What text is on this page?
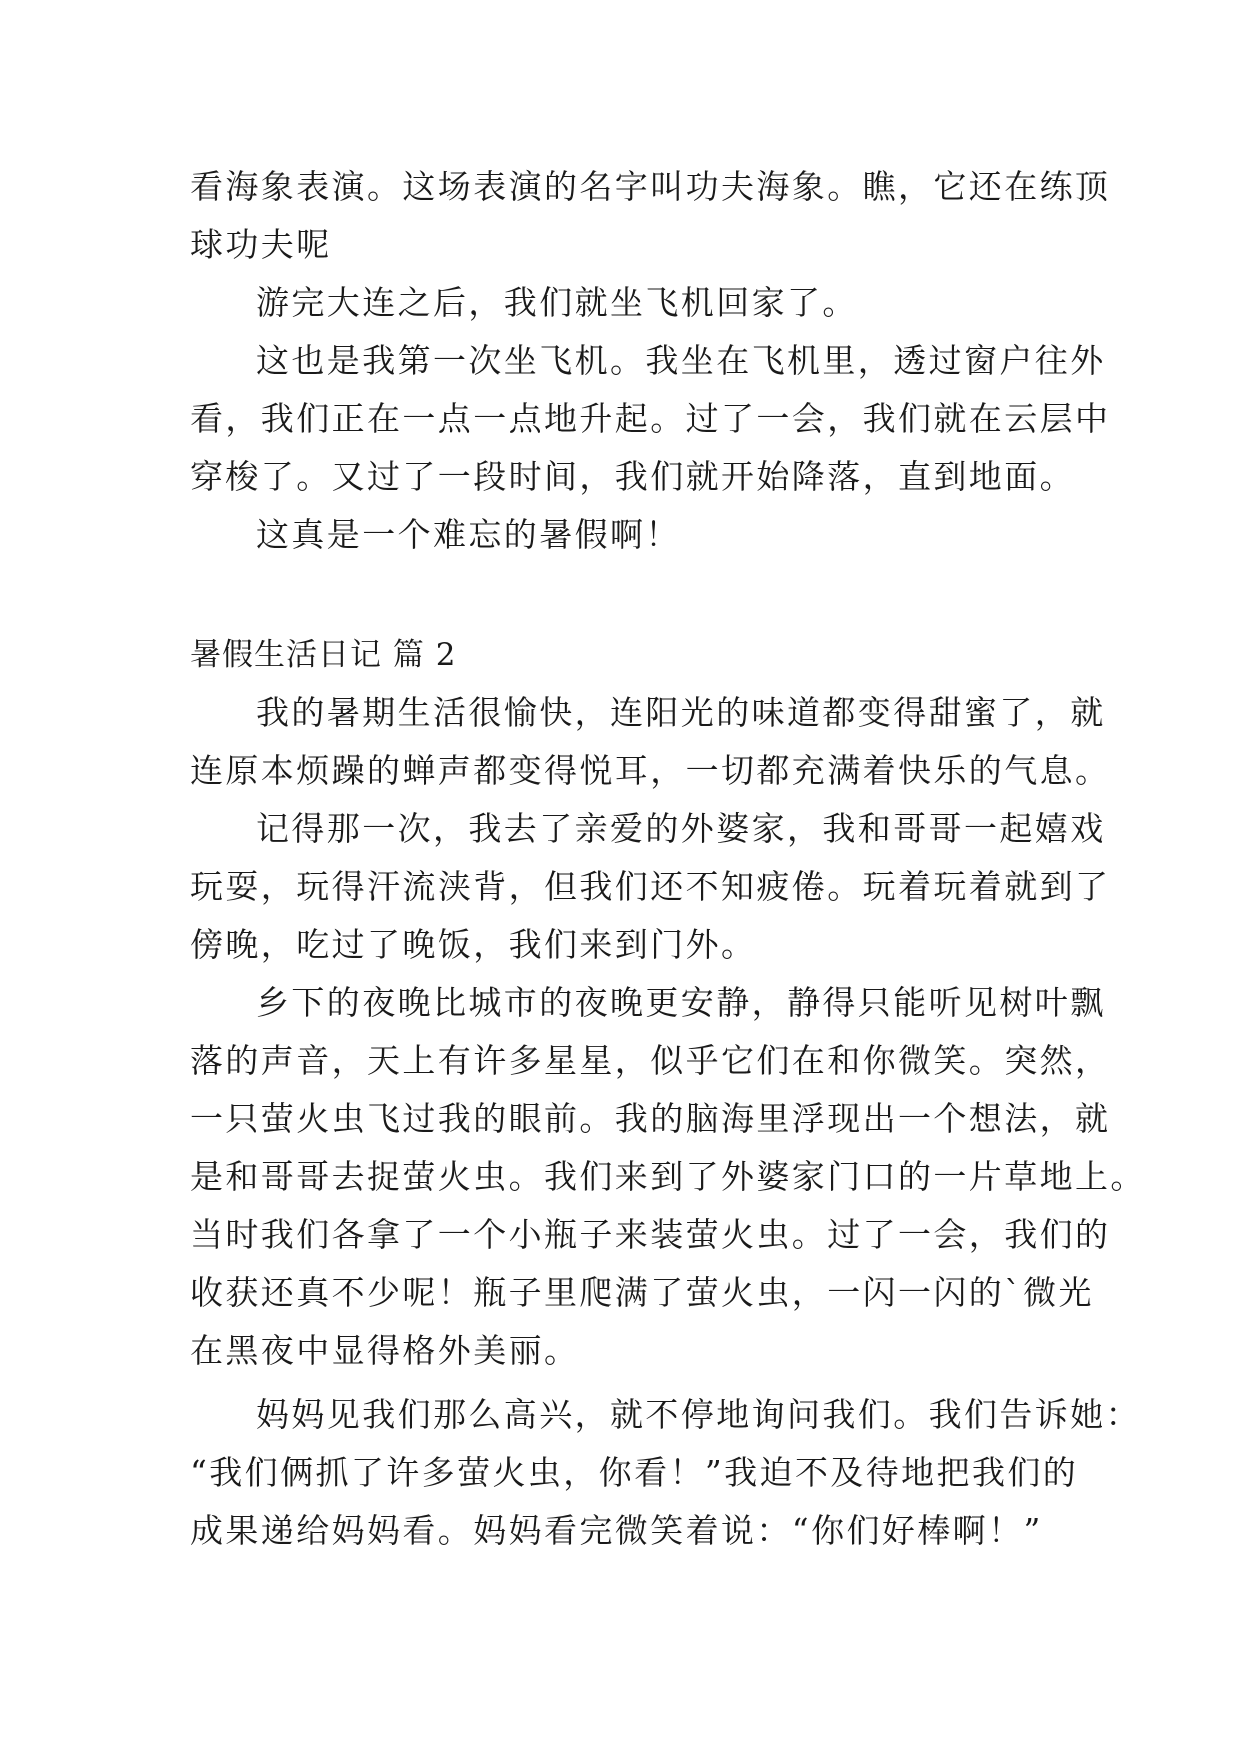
看海象表演。这场表演的名字叫功夫海象。瞧，它还在练顶
球功夫呢
游完大连之后，我们就坐飞机回家了。
这也是我第一次坐飞机。我坐在飞机里，透过窗户往外
看，我们正在一点一点地升起。过了一会，我们就在云层中
穿梭了。又过了一段时间，我们就开始降落，直到地面。
这真是一个难忘的暑假啊！
暑假生活日记 篇 2
我的暑期生活很愉快，连阳光的味道都变得甜蜜了，就
连原本烦躁的蝉声都变得悦耳，一切都充满着快乐的气息。
记得那一次，我去了亲爱的外婆家，我和哥哥一起嬉戏
玩耍，玩得汗流浃背，但我们还不知疲倦。玩着玩着就到了
傍晚，吃过了晚饭，我们来到门外。
乡下的夜晚比城市的夜晚更安静，静得只能听见树叶飘
落的声音，天上有许多星星，似乎它们在和你微笑。突然，
一只萤火虫飞过我的眼前。我的脑海里浮现出一个想法，就
是和哥哥去捉萤火虫。我们来到了外婆家门口的一片草地上。
当时我们各拿了一个小瓶子来装萤火虫。过了一会，我们的
收获还真不少呢！瓶子里爬满了萤火虫，一闪一闪的`微光
在黑夜中显得格外美丽。
妈妈见我们那么高兴，就不停地询问我们。我们告诉她：
“我们俩抓了许多萤火虫，你看！”我迫不及待地把我们的
成果递给妈妈看。妈妈看完微笑着说：“你们好棒啊！”
